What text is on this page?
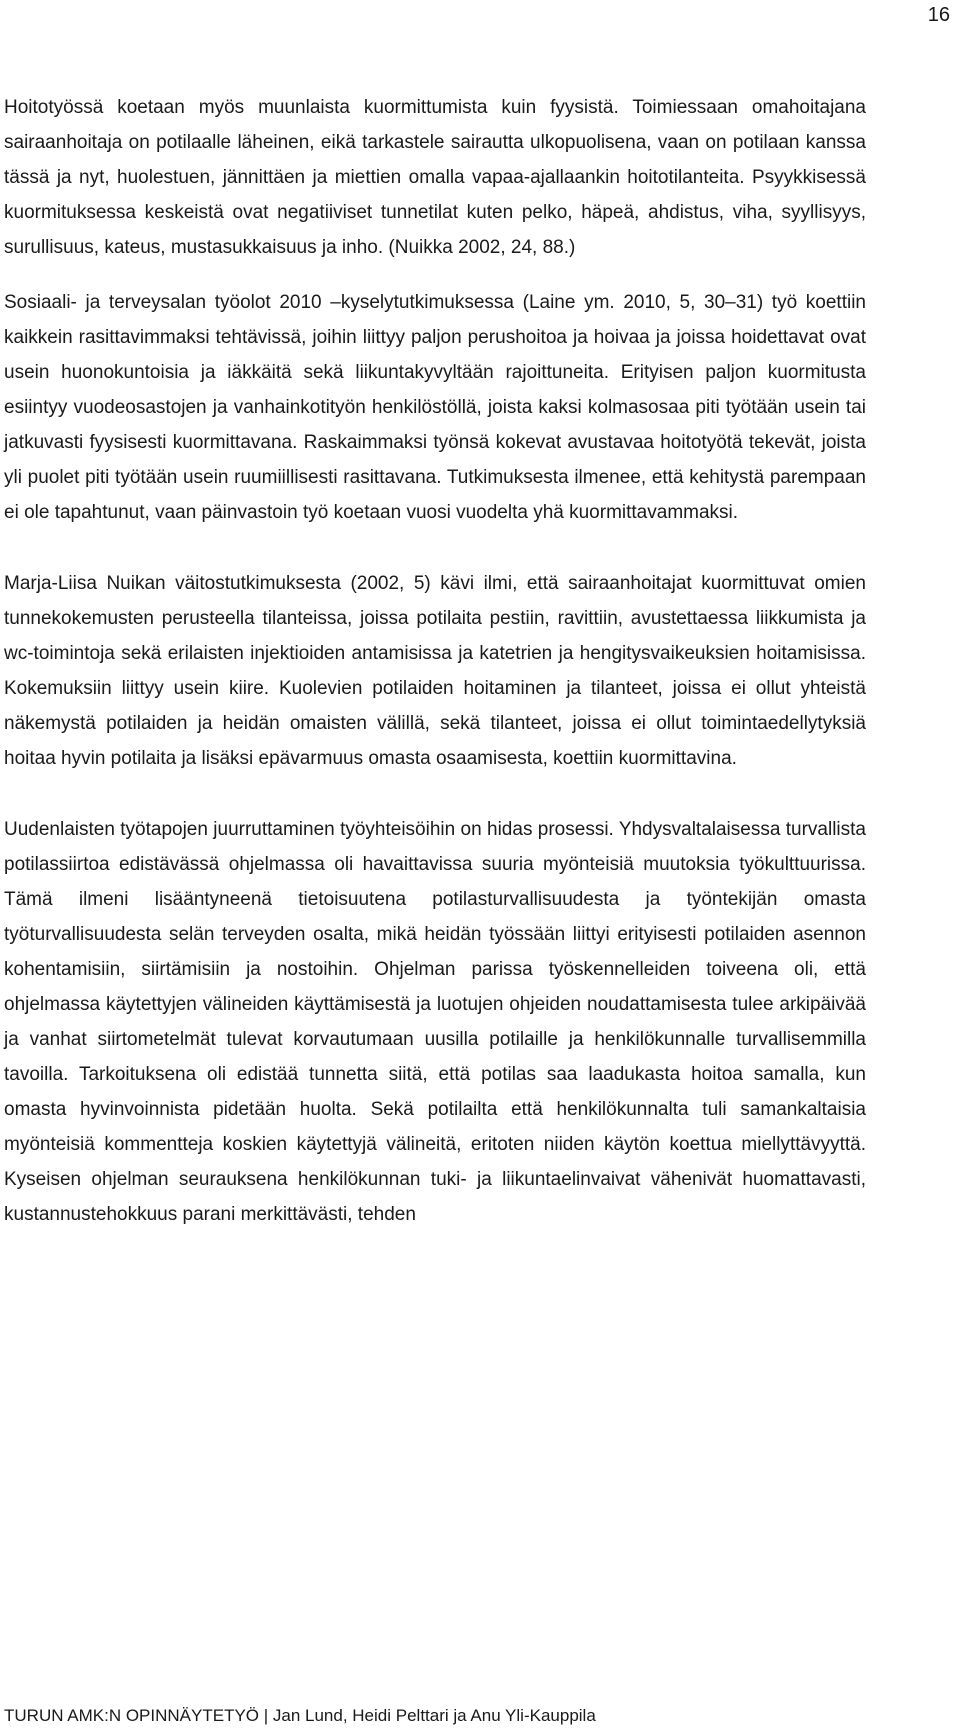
16

Hoitotyössä koetaan myös muunlaista kuormittumista kuin fyysistä. Toimiessaan omahoitajana sairaanhoitaja on potilaalle läheinen, eikä tarkastele sairautta ulkopuolisena, vaan on potilaan kanssa tässä ja nyt, huolestuen, jännittäen ja miettien omalla vapaa-ajallaankin hoitotilanteita. Psyykkisessä kuormituksessa keskeistä ovat negatiiviset tunnetilat kuten pelko, häpeä, ahdistus, viha, syyllisyys, surullisuus, kateus, mustasukkaisuus ja inho. (Nuikka 2002, 24, 88.)

Sosiaali- ja terveysalan työolot 2010 –kyselytutkimuksessa (Laine ym. 2010, 5, 30–31) työ koettiin kaikkein rasittavimmaksi tehtävissä, joihin liittyy paljon perushoitoa ja hoivaa ja joissa hoidettavat ovat usein huonokuntoisia ja iäkkäitä sekä liikuntakyvyltään rajoittuneita. Erityisen paljon kuormitusta esiintyy vuodeosastojen ja vanhainkotityön henkilöstöllä, joista kaksi kolmasosaa piti työtään usein tai jatkuvasti fyysisesti kuormittavana. Raskaimmaksi työnsä kokevat avustavaa hoitotyötä tekevät, joista yli puolet piti työtään usein ruumiillisesti rasittavana. Tutkimuksesta ilmenee, että kehitystä parempaan ei ole tapahtunut, vaan päinvastoin työ koetaan vuosi vuodelta yhä kuormittavammaksi.

Marja-Liisa Nuikan väitostutkimuksesta (2002, 5) kävi ilmi, että sairaanhoitajat kuormittuvat omien tunnekokemusten perusteella tilanteissa, joissa potilaita pestiin, ravittiin, avustettaessa liikkumista ja wc-toimintoja sekä erilaisten injektioiden antamisissa ja katetrien ja hengitysvaikeuksien hoitamisissa. Kokemuksiin liittyy usein kiire. Kuolevien potilaiden hoitaminen ja tilanteet, joissa ei ollut yhteistä näkemystä potilaiden ja heidän omaisten välillä, sekä tilanteet, joissa ei ollut toimintaedellytyksiä hoitaa hyvin potilaita ja lisäksi epävarmuus omasta osaamisesta, koettiin kuormittavina.

Uudenlaisten työtapojen juurruttaminen työyhteisöihin on hidas prosessi. Yhdysvaltalaisessa turvallista potilassiirtoa edistävässä ohjelmassa oli havaittavissa suuria myönteisiä muutoksia työkulttuurissa. Tämä ilmeni lisääntyneenä tietoisuutena potilasturvallisuudesta ja työntekijän omasta työturvallisuudesta selän terveyden osalta, mikä heidän työssään liittyi erityisesti potilaiden asennon kohentamisiin, siirtämisiin ja nostoihin. Ohjelman parissa työskennelleiden toiveena oli, että ohjelmassa käytettyjen välineiden käyttämisestä ja luotujen ohjeiden noudattamisesta tulee arkipäivää ja vanhat siirtometelmät tulevat korvautumaan uusilla potilaille ja henkilökunnalle turvallisemmilla tavoilla. Tarkoituksena oli edistää tunnetta siitä, että potilas saa laadukasta hoitoa samalla, kun omasta hyvinvoinnista pidetään huolta. Sekä potilailta että henkilökunnalta tuli samankaltaisia myönteisiä kommentteja koskien käytettyjä välineitä, eritoten niiden käytön koettua miellyttävyyttä. Kyseisen ohjelman seurauksena henkilökunnan tuki- ja liikuntaelinvaivat vähenivät huomattavasti, kustannustehokkuus parani merkittävästi, tehden

TURUN AMK:N OPINNÄYTETYÖ | Jan Lund, Heidi Pelttari ja Anu Yli-Kauppila
